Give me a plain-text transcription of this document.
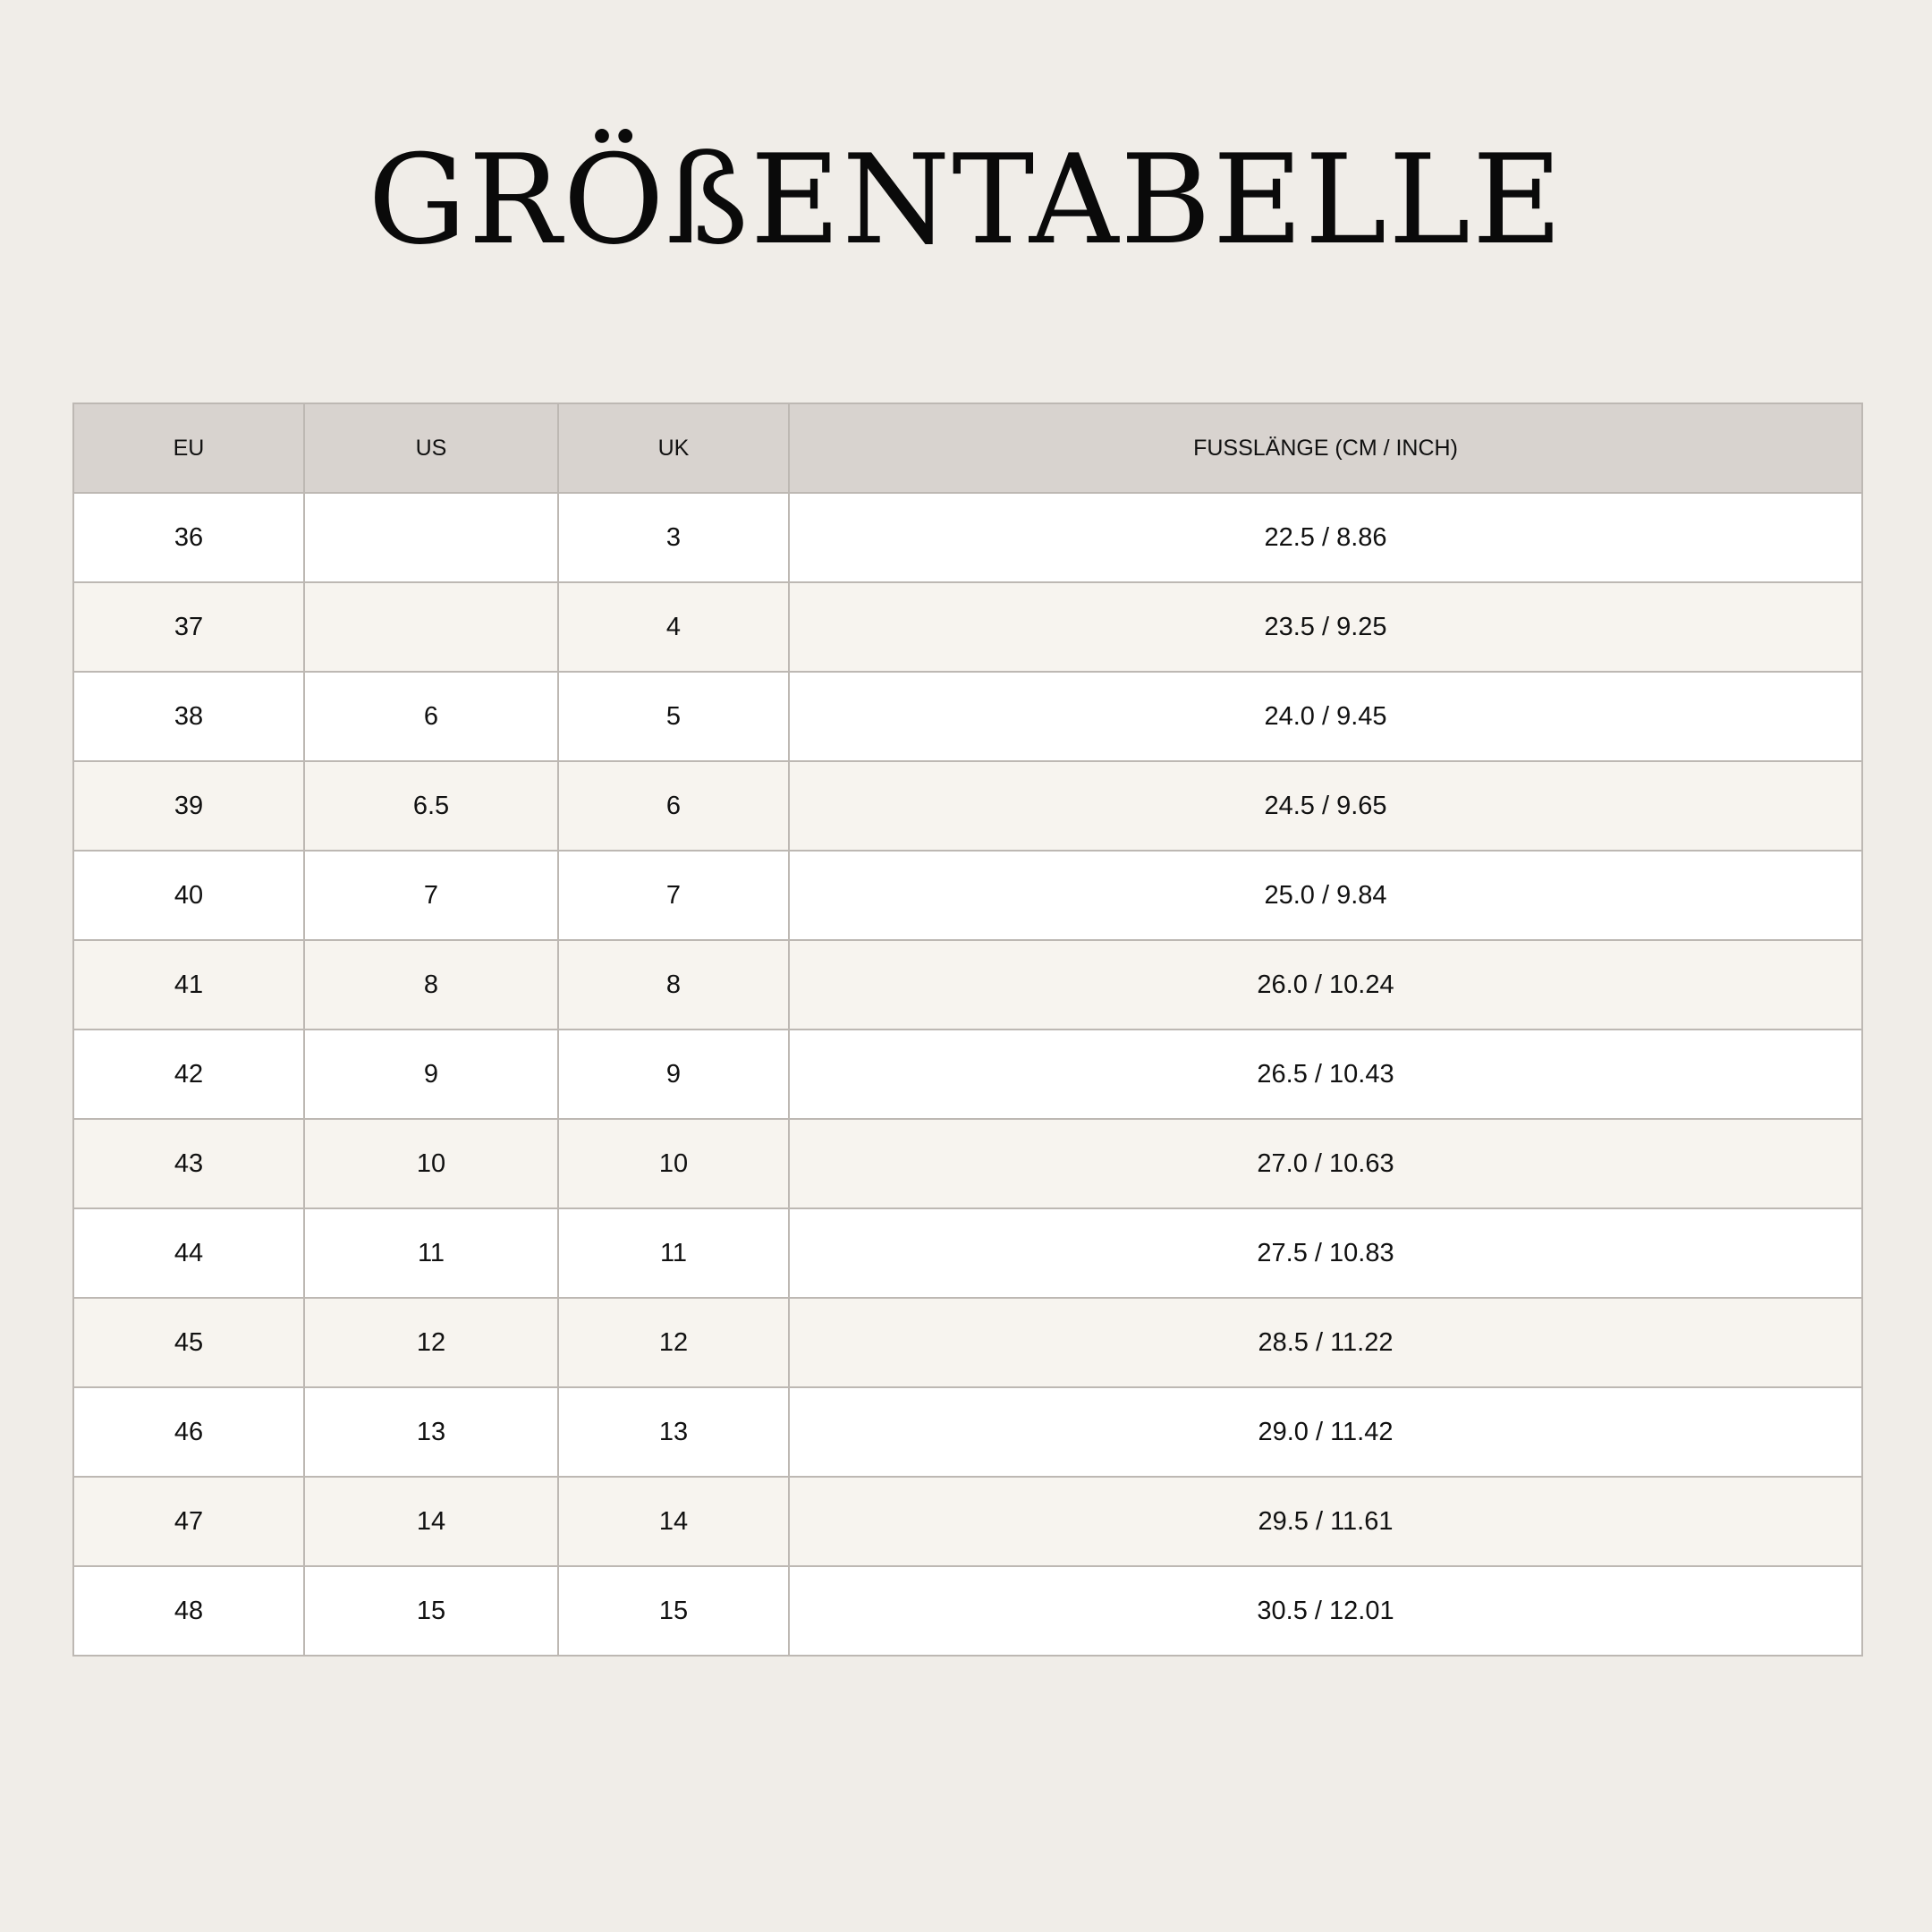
GRÖßENTABELLE
EU	US	UK	FUSSLÄNGE (CM / INCH)
36		3	22.5 / 8.86
37		4	23.5 / 9.25
38	6	5	24.0 / 9.45
39	6.5	6	24.5 / 9.65
40	7	7	25.0 / 9.84
41	8	8	26.0 / 10.24
42	9	9	26.5 / 10.43
43	10	10	27.0 / 10.63
44	11	11	27.5 / 10.83
45	12	12	28.5 / 11.22
46	13	13	29.0 / 11.42
47	14	14	29.5 / 11.61
48	15	15	30.5 / 12.01
